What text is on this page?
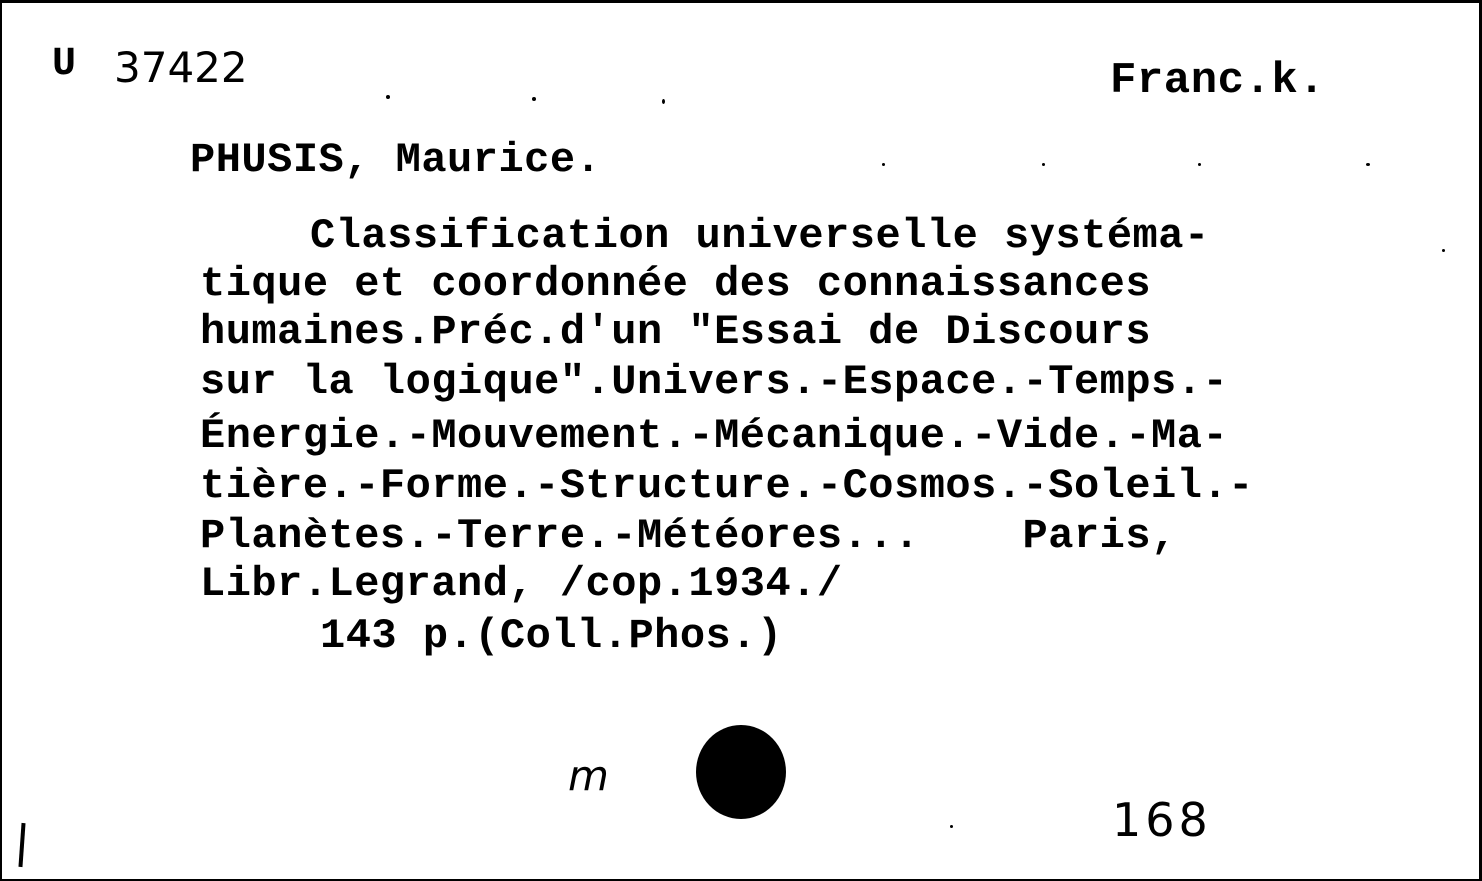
U 37422	Franc.k.
PHUSIS, Maurice.
Classification universelle systéma-
tique et coordonnée des connaissances
humaines.Préc.d'un "Essai de Discours
sur la logique".Univers.-Espace.-Temps.-
Énergie.-Mouvement.-Mécanique.-Vide.-Ma-
tière.-Forme.-Structure.-Cosmos.-Soleil.-
Planètes.-Terre.-Météores...    Paris,
Libr.Legrand, /cop.1934./
143 p.(Coll.Phos.)
m
168
